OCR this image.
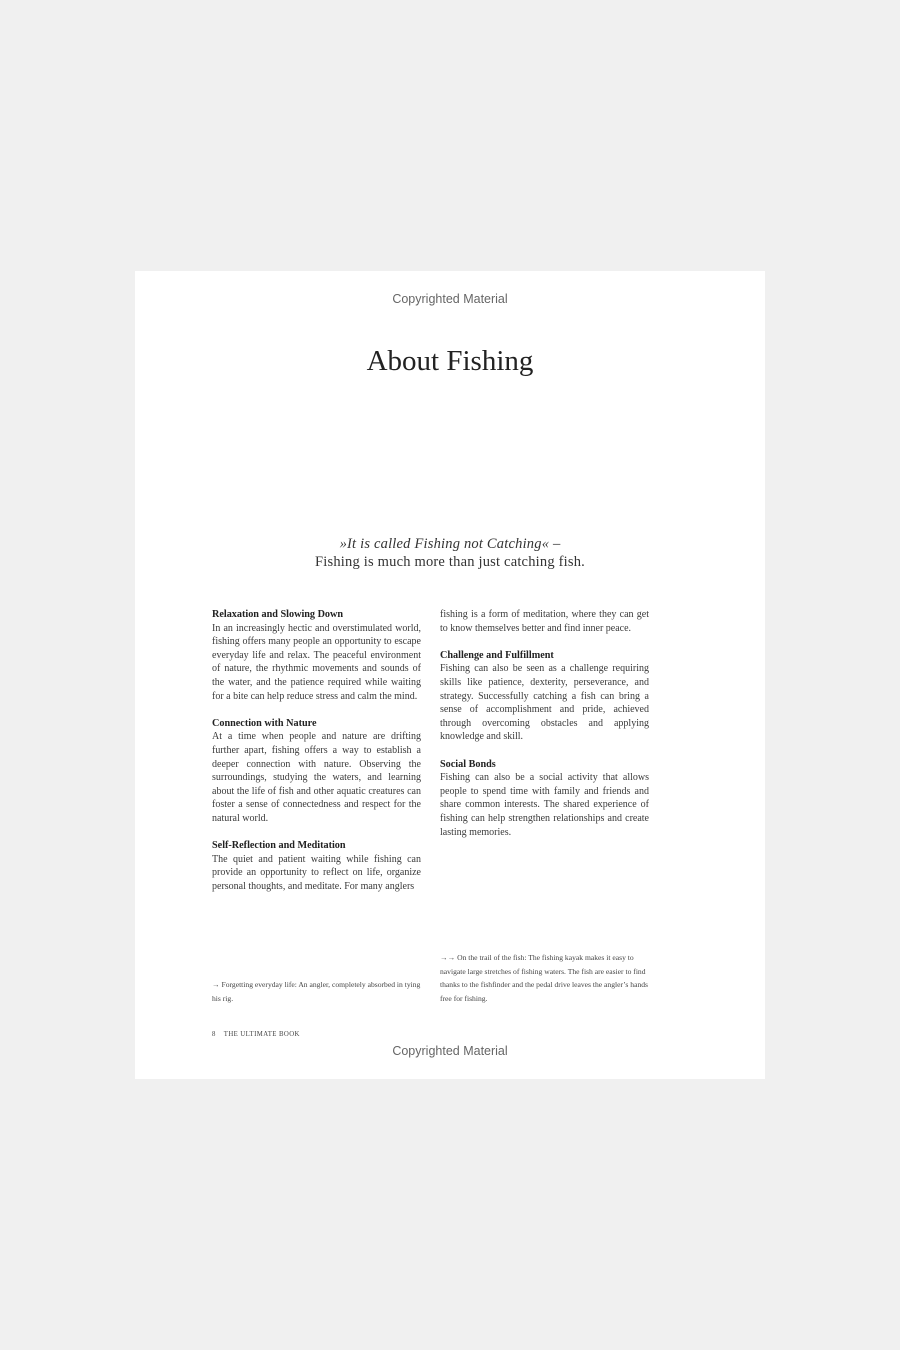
Copyrighted Material
About Fishing
»It is called Fishing not Catching« –
Fishing is much more than just catching fish.
Relaxation and Slowing Down

In an increasingly hectic and overstimulated world, fishing offers many people an opportunity to escape everyday life and relax. The peaceful environment of nature, the rhythmic movements and sounds of the water, and the patience required while waiting for a bite can help reduce stress and calm the mind.

Connection with Nature

At a time when people and nature are drifting further apart, fishing offers a way to establish a deeper connection with nature. Observing the surroundings, studying the waters, and learning about the life of fish and other aquatic creatures can foster a sense of connectedness and respect for the natural world.

Self-Reflection and Meditation

The quiet and patient waiting while fishing can provide an opportunity to reflect on life, organize personal thoughts, and meditate. For many anglers

fishing is a form of meditation, where they can get to know themselves better and find inner peace.

Challenge and Fulfillment

Fishing can also be seen as a challenge requiring skills like patience, dexterity, perseverance, and strategy. Successfully catching a fish can bring a sense of accomplishment and pride, achieved through overcoming obstacles and applying knowledge and skill.

Social Bonds

Fishing can also be a social activity that allows people to spend time with family and friends and share common interests. The shared experience of fishing can help strengthen relationships and create lasting memories.

→ Forgetting everyday life: An angler, completely absorbed in tying his rig.
→→ On the trail of the fish: The fishing kayak makes it easy to navigate large stretches of fishing waters. The fish are easier to find thanks to the fishfinder and the pedal drive leaves the angler’s hands free for fishing.
8 THE ULTIMATE BOOK
Copyrighted Material
